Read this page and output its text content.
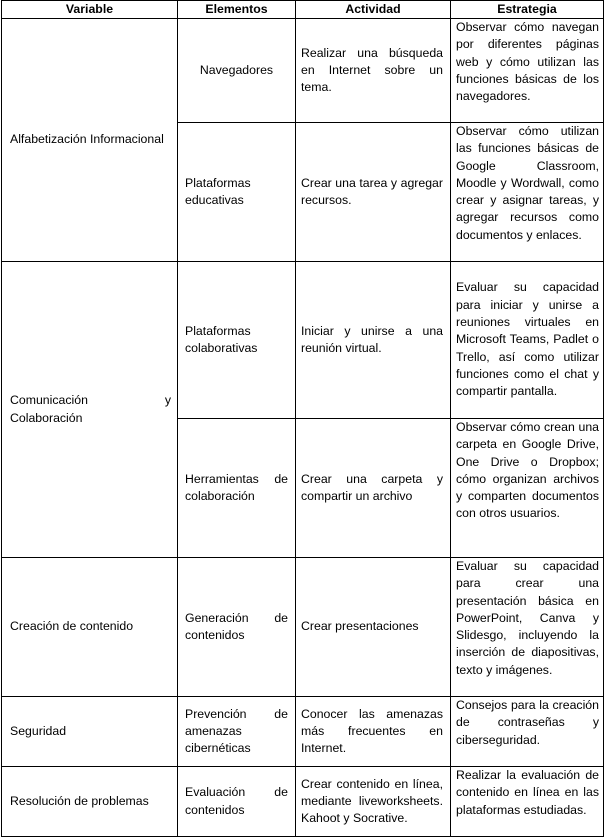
Variable	Elementos	Actividad	Estrategia
Alfabetización Informacional	Navegadores	Realizar una búsqueda en Internet sobre un tema.	Observar cómo navegan por diferentes páginas web y cómo utilizan las funciones básicas de los navegadores.
	Plataformas educativas	Crear una tarea y agregar recursos.	Observar cómo utilizan las funciones básicas de Google Classroom, Moodle y Wordwall, como crear y asignar tareas, y agregar recursos como documentos y enlaces.

Comunicación y Colaboración	Plataformas colaborativas	Iniciar y unirse a una reunión virtual.	Evaluar su capacidad para iniciar y unirse a reuniones virtuales en Microsoft Teams, Padlet o Trello, así como utilizar funciones como el chat y compartir pantalla.
	Herramientas de colaboración	Crear una carpeta y compartir un archivo	Observar cómo crean una carpeta en Google Drive, One Drive o Dropbox; cómo organizan archivos y comparten documentos con otros usuarios.
Creación de contenido	Generación de contenidos	Crear presentaciones	Evaluar su capacidad para crear una presentación básica en PowerPoint, Canva y Slidesgo, incluyendo la inserción de diapositivas, texto y imágenes.
Seguridad	Prevención de amenazas cibernéticas	Conocer las amenazas más frecuentes en Internet.	Consejos para la creación de contraseñas y ciberseguridad.
Resolución de problemas	Evaluación de contenidos	Crear contenido en línea, mediante liveworksheets. Kahoot y Socrative.	Realizar la evaluación de contenido en línea en las plataformas estudiadas.
